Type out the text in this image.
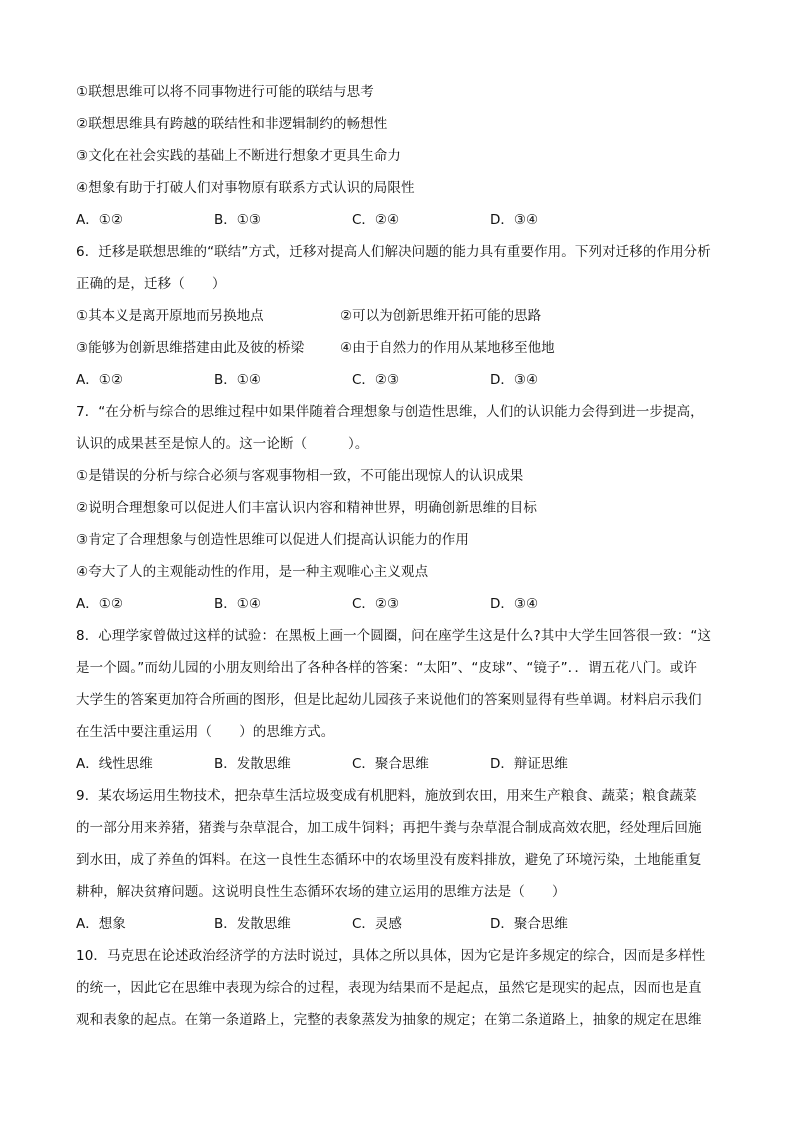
①联想思维可以将不同事物进行可能的联结与思考
②联想思维具有跨越的联结性和非逻辑制约的畅想性
③文化在社会实践的基础上不断进行想象才更具生命力
④想象有助于打破人们对事物原有联系方式认识的局限性
A．①②	B．①③	C．②④	D．③④
6．迁移是联想思维的“联结”方式，迁移对提高人们解决问题的能力具有重要作用。下列对迁移的作用分析
正确的是，迁移（　　）
①其本义是离开原地而另换地点	②可以为创新思维开拓可能的思路
③能够为创新思维搭建由此及彼的桥梁	④由于自然力的作用从某地移至他地
A．①②	B．①④	C．②③	D．③④
7．“在分析与综合的思维过程中如果伴随着合理想象与创造性思维，人们的认识能力会得到进一步提高，
认识的成果甚至是惊人的。这一论断（　　　）。
①是错误的分析与综合必须与客观事物相一致，不可能出现惊人的认识成果
②说明合理想象可以促进人们丰富认识内容和精神世界，明确创新思维的目标
③肯定了合理想象与创造性思维可以促进人们提高认识能力的作用
④夸大了人的主观能动性的作用，是一种主观唯心主义观点
A．①②	B．①④	C．②③	D．③④
8．心理学家曾做过这样的试验：在黑板上画一个圆圈，问在座学生这是什么?其中大学生回答很一致：“这
是一个圆。”而幼儿园的小朋友则给出了各种各样的答案：“太阳”、“皮球”、“镜子”．．谓五花八门。或许
大学生的答案更加符合所画的图形，但是比起幼儿园孩子来说他们的答案则显得有些单调。材料启示我们
在生活中要注重运用（　　）的思维方式。
A．线性思维	B．发散思维	C．聚合思维	D．辩证思维
9．某农场运用生物技术，把杂草生活垃圾变成有机肥料，施放到农田，用来生产粮食、蔬菜；粮食蔬菜
的一部分用来养猪，猪粪与杂草混合，加工成牛饲料；再把牛粪与杂草混合制成高效农肥，经处理后回施
到水田，成了养鱼的饵料。在这一良性生态循环中的农场里没有废料排放，避免了环境污染，土地能重复
耕种，解决贫瘠问题。这说明良性生态循环农场的建立运用的思维方法是（　　）
A．想象	B．发散思维	C．灵感	D．聚合思维
10．马克思在论述政治经济学的方法时说过，具体之所以具体，因为它是许多规定的综合，因而是多样性
的统一，因此它在思维中表现为综合的过程，表现为结果而不是起点，虽然它是现实的起点，因而也是直
观和表象的起点。在第一条道路上，完整的表象蒸发为抽象的规定；在第二条道路上，抽象的规定在思维
